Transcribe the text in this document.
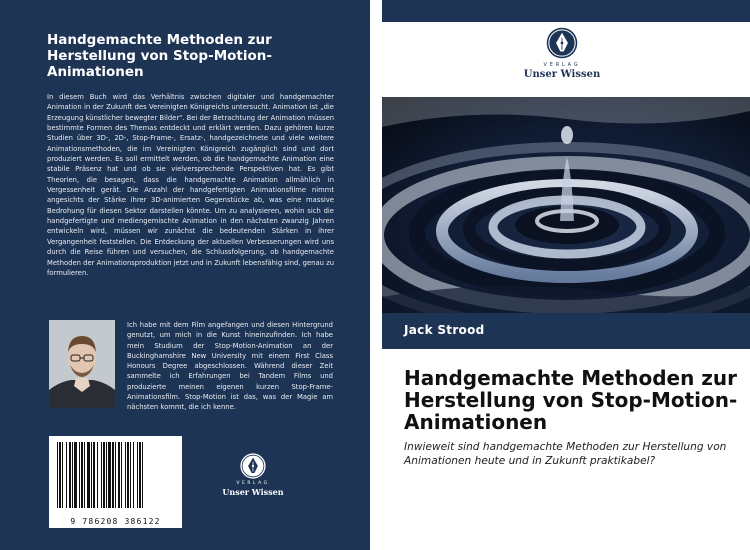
Handgemachte Methoden zur Herstellung von Stop-Motion-Animationen

In diesem Buch wird das Verhältnis zwischen digitaler und handgemachter Animation in der Zukunft des Vereinigten Königreichs untersucht. Animation ist „die Erzeugung künstlicher bewegter Bilder". Bei der Betrachtung der Animation müssen bestimmte Formen des Themas entdeckt und erklärt werden. Dazu gehören kurze Studien über 3D-, 2D-, Stop-Frame-, Ersatz-, handgezeichnete und viele weitere Animationsmethoden, die im Vereinigten Königreich zugänglich sind und dort produziert werden. Es soll ermittelt werden, ob die handgemachte Animation eine stabile Präsenz hat und ob sie vielversprechende Perspektiven hat. Es gibt Theorien, die besagen, dass die handgemachte Animation allmählich in Vergessenheit gerät. Die Anzahl der handgefertigten Animationsfilme nimmt angesichts der Stärke ihrer 3D-animierten Gegenstücke ab, was eine massive Bedrohung für diesen Sektor darstellen könnte. Um zu analysieren, wohin sich die handgefertigte und mediengemischte Animation in den nächsten zwanzig Jahren entwickeln wird, müssen wir zunächst die bedeutenden Stärken in ihrer Vergangenheit feststellen. Die Entdeckung der aktuellen Verbesserungen wird uns durch die Reise führen und versuchen, die Schlussfolgerung, ob handgemachte Methoden der Animationsproduktion jetzt und in Zukunft lebensfähig sind, genau zu formulieren.

Ich habe mit dem Film angefangen und diesen Hintergrund genutzt, um mich in die Kunst hineinzufinden. Ich habe mein Studium der Stop-Motion-Animation an der Buckinghamshire New University mit einem First Class Honours Degree abgeschlossen. Während dieser Zeit sammelte ich Erfahrungen bei Tandem Films und produzierte meinen eigenen kurzen Stop-Frame-Animationsfilm. Stop-Motion ist das, was der Magie am nächsten kommt, die ich kenne.

9 786208 386122
VERLAG
Unser Wissen
VERLAG
Unser Wissen

Jack Strood

Handgemachte Methoden zur Herstellung von Stop-Motion-Animationen

Inwieweit sind handgemachte Methoden zur Herstellung von Animationen heute und in Zukunft praktikabel?
